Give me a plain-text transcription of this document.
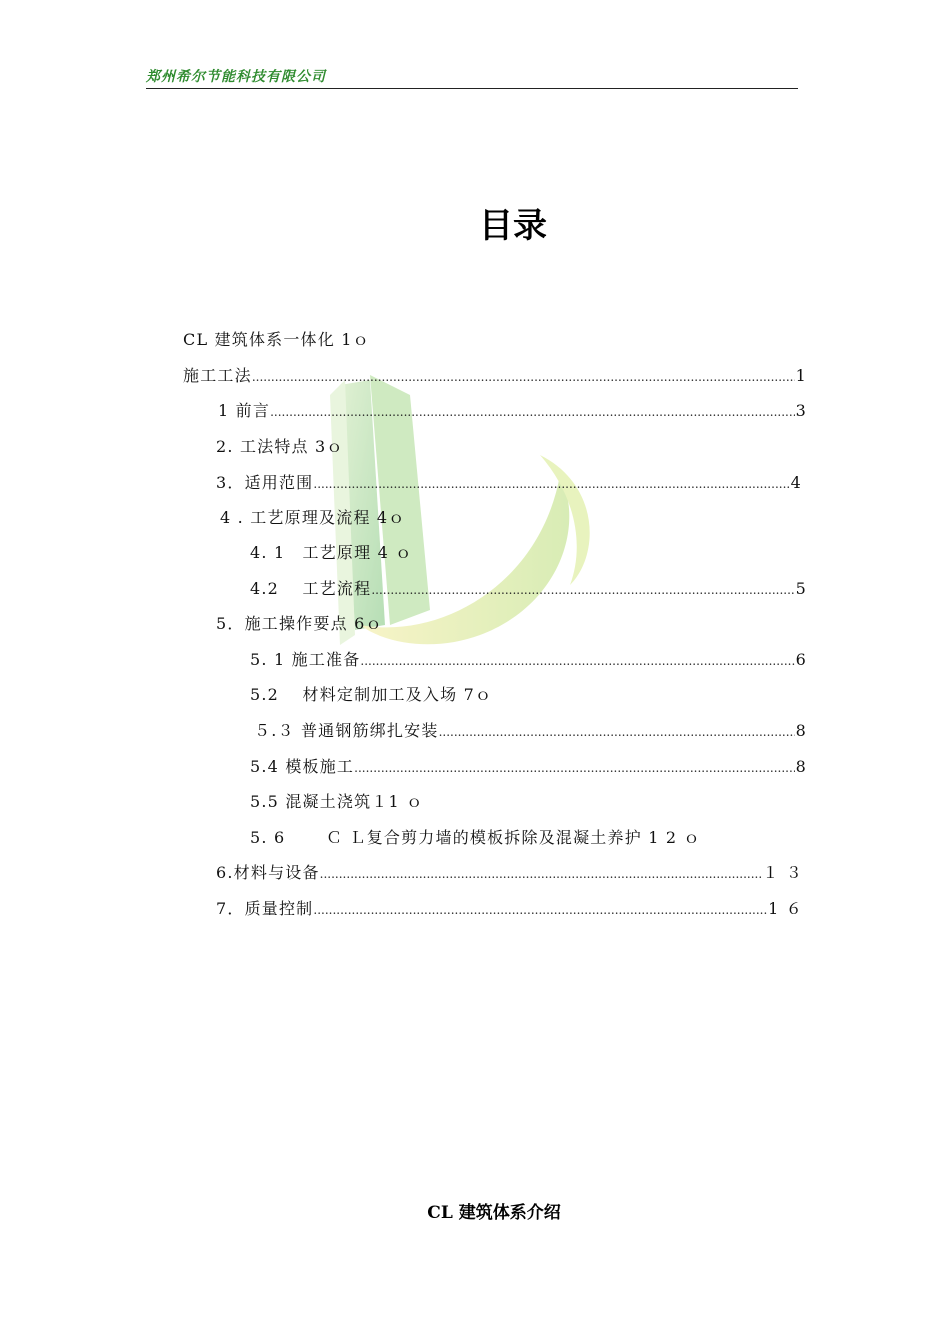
郑州希尔节能科技有限公司
目录
CL 建筑体系一体化 1ｏ
施工工法 .....	1
1 前言 .....	3
2. 工法特点 3ｏ
3．适用范围 .....	4
4 . 工艺原理及流程 4ｏ
4. 1　工艺原理 4 ｏ
4.2　 工艺流程 .....	5
5．施工操作要点 6ｏ
5. 1 施工准备 .....	6
5.2　 材料定制加工及入场 7ｏ
５.３ 普通钢筋绑扎安装 .....	8
5.4 模板施工 .....	8
5.5 混凝土浇筑１1 ｏ
5. 6　　 Ｃ Ｌ复合剪力墙的模板拆除及混凝土养护 1 2 ｏ
6.材料与设备 .....	１ ３
7．质量控制 .....	1 ６
CL 建筑体系介绍
